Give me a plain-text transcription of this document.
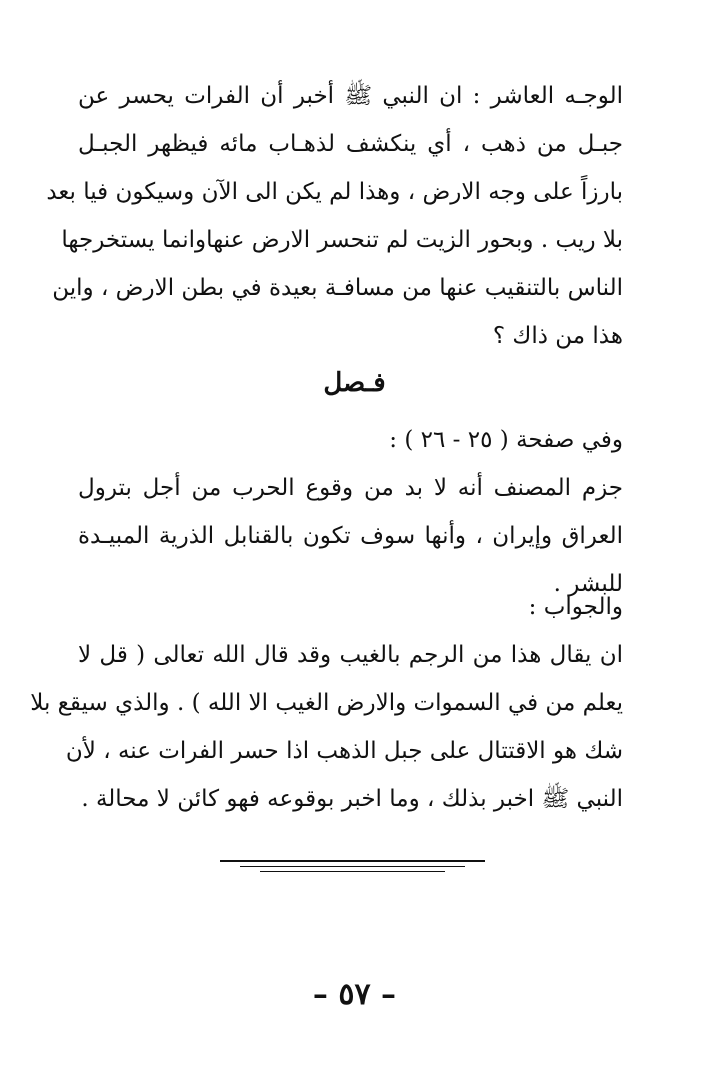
الوجـه العاشر : ان النبي ﷺ أخبر أن الفرات يحسر عن
جبـل من ذهب ، أي ينكشف لذهـاب مائه فيظهر الجبـل
بارزاً على وجه الارض ، وهذا لم يكن الى الآن وسيكون فيا بعد
بلا ريب . وبحور الزيت لم تنحسر الارض عنهاوانما يستخرجها
الناس بالتنقيب عنها من مسافـة بعيدة في بطن الارض ، واين
هذا من ذاك ؟
فـصل
وفي صفحة ( ٢٥ - ٢٦ ) :
جزم المصنف أنه لا بد من وقوع الحرب من أجل بترول
العراق وإيران ، وأنها سوف تكون بالقنابل الذرية المبيـدة
للبشر .
والجواب :
ان يقال هذا من الرجم بالغيب وقد قال الله تعالى ( قل لا
يعلم من في السموات والارض الغيب الا الله ) . والذي سيقع بلا
شك هو الاقتتال على جبل الذهب اذا حسر الفرات عنه ، لأن
النبي ﷺ اخبر بذلك ، وما اخبر بوقوعه فهو كائن لا محالة .
– ٥٧ –
